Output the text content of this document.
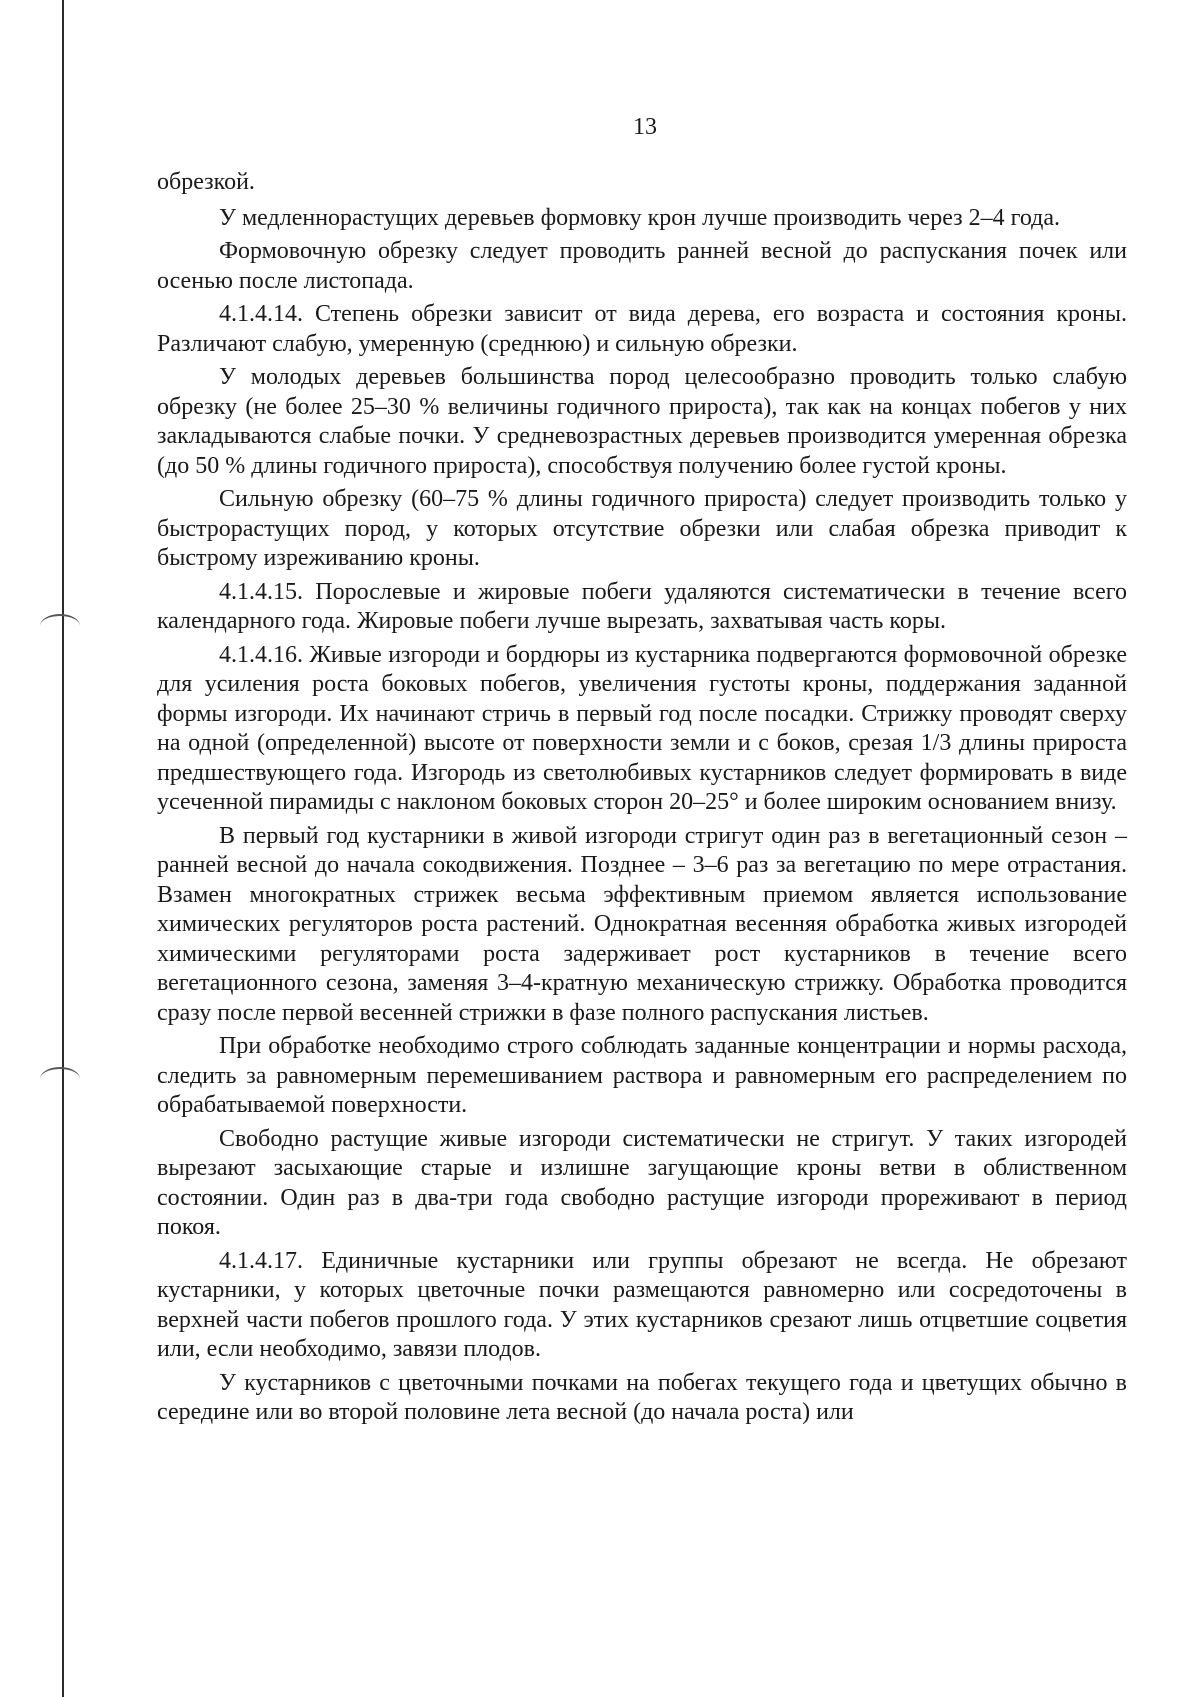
13

обрезкой.

У медленнорастущих деревьев формовку крон лучше производить через 2–4 года.

Формовочную обрезку следует проводить ранней весной до распускания почек или осенью после листопада.

4.1.4.14. Степень обрезки зависит от вида дерева, его возраста и состояния кроны. Различают слабую, умеренную (среднюю) и сильную обрезки.

У молодых деревьев большинства пород целесообразно проводить только слабую обрезку (не более 25–30 % величины годичного прироста), так как на концах побегов у них закладываются слабые почки. У средневозрастных деревьев производится умеренная обрезка (до 50 % длины годичного прироста), способствуя получению более густой кроны.

Сильную обрезку (60–75 % длины годичного прироста) следует производить только у быстрорастущих пород, у которых отсутствие обрезки или слабая обрезка приводит к быстрому изреживанию кроны.

4.1.4.15. Порослевые и жировые побеги удаляются систематически в течение всего календарного года. Жировые побеги лучше вырезать, захватывая часть коры.

4.1.4.16. Живые изгороди и бордюры из кустарника подвергаются формовочной обрезке для усиления роста боковых побегов, увеличения густоты кроны, поддержания заданной формы изгороди. Их начинают стричь в первый год после посадки. Стрижку проводят сверху на одной (определенной) высоте от поверхности земли и с боков, срезая 1/3 длины прироста предшествующего года. Изгородь из светолюбивых кустарников следует формировать в виде усеченной пирамиды с наклоном боковых сторон 20–25° и более широким основанием внизу.

В первый год кустарники в живой изгороди стригут один раз в вегетационный сезон – ранней весной до начала сокодвижения. Позднее – 3–6 раз за вегетацию по мере отрастания. Взамен многократных стрижек весьма эффективным приемом является использование химических регуляторов роста растений. Однократная весенняя обработка живых изгородей химическими регуляторами роста задерживает рост кустарников в течение всего вегетационного сезона, заменяя 3–4-кратную механическую стрижку. Обработка проводится сразу после первой весенней стрижки в фазе полного распускания листьев.

При обработке необходимо строго соблюдать заданные концентрации и нормы расхода, следить за равномерным перемешиванием раствора и равномерным его распределением по обрабатываемой поверхности.

Свободно растущие живые изгороди систематически не стригут. У таких изгородей вырезают засыхающие старые и излишне загущающие кроны ветви в облиственном состоянии. Один раз в два-три года свободно растущие изгороди прореживают в период покоя.

4.1.4.17. Единичные кустарники или группы обрезают не всегда. Не обрезают кустарники, у которых цветочные почки размещаются равномерно или сосредоточены в верхней части побегов прошлого года. У этих кустарников срезают лишь отцветшие соцветия или, если необходимо, завязи плодов.

У кустарников с цветочными почками на побегах текущего года и цветущих обычно в середине или во второй половине лета весной (до начала роста) или
